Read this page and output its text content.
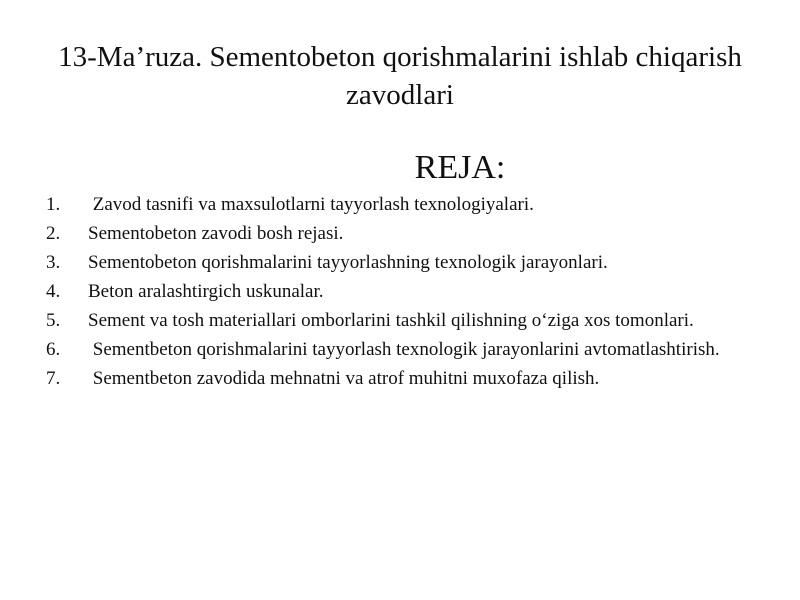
13-Ma’ruza. Sementobeton qorishmalarini ishlab chiqarish zavodlari
REJA:
1.	Zavod tasnifi va maxsulotlarni tayyorlash texnologiyalari.
2.	Sementobeton zavodi bosh rejasi.
3.	Sementobeton qorishmalarini tayyorlashning texnologik jarayonlari.
4.	Beton aralashtirgich uskunalar.
5.	Sement va tosh materiallari omborlarini tashkil qilishning o‘ziga xos tomonlari.
6.	Sementbeton qorishmalarini tayyorlash texnologik jarayonlarini avtomatlashtirish.
7.	Sementbeton zavodida mehnatni va atrof muhitni muxofaza qilish.
